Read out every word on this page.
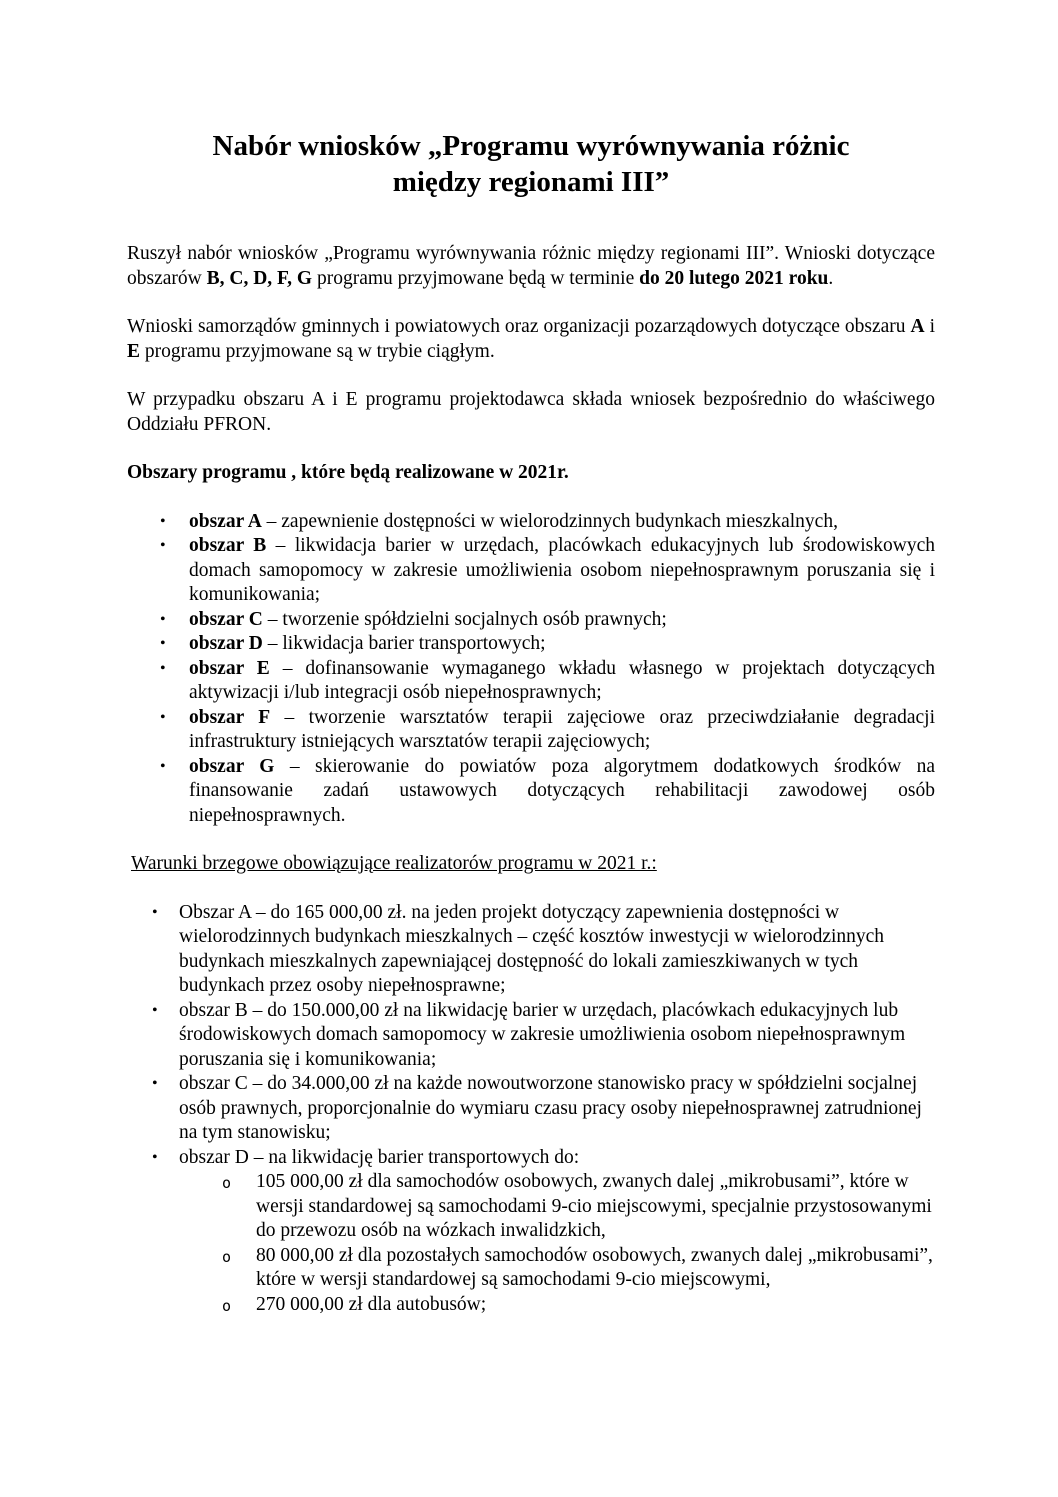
Nabór wniosków „Programu wyrównywania różnic
między regionami III”

Ruszył nabór wniosków „Programu wyrównywania różnic między regionami III”. Wnioski dotyczące obszarów B, C, D, F, G programu przyjmowane będą w terminie do 20 lutego 2021 roku.

Wnioski samorządów gminnych i powiatowych oraz organizacji pozarządowych dotyczące obszaru A i E programu przyjmowane są w trybie ciągłym.

W przypadku obszaru A i E programu projektodawca składa wniosek bezpośrednio do właściwego Oddziału PFRON.

Obszary programu , które będą realizowane w 2021r.
• obszar A – zapewnienie dostępności w wielorodzinnych budynkach mieszkalnych,
• obszar B – likwidacja barier w urzędach, placówkach edukacyjnych lub środowiskowych domach samopomocy w zakresie umożliwienia osobom niepełnosprawnym poruszania się i komunikowania;
• obszar C – tworzenie spółdzielni socjalnych osób prawnych;
• obszar D – likwidacja barier transportowych;
• obszar E – dofinansowanie wymaganego wkładu własnego w projektach dotyczących aktywizacji i/lub integracji osób niepełnosprawnych;
• obszar F – tworzenie warsztatów terapii zajęciowe oraz przeciwdziałanie degradacji infrastruktury istniejących warsztatów terapii zajęciowych;
• obszar G – skierowanie do powiatów poza algorytmem dodatkowych środków na finansowanie zadań ustawowych dotyczących rehabilitacji zawodowej osób niepełnosprawnych.
Warunki brzegowe obowiązujące realizatorów programu w 2021 r.:
• Obszar A – do 165 000,00 zł. na jeden projekt dotyczący zapewnienia dostępności w wielorodzinnych budynkach mieszkalnych – część kosztów inwestycji w wielorodzinnych budynkach mieszkalnych zapewniającej dostępność do lokali zamieszkiwanych w tych budynkach przez osoby niepełnosprawne;
• obszar B – do 150.000,00 zł na likwidację barier w urzędach, placówkach edukacyjnych lub środowiskowych domach samopomocy w zakresie umożliwienia osobom niepełnosprawnym poruszania się i komunikowania;
• obszar C – do 34.000,00 zł na każde nowoutworzone stanowisko pracy w spółdzielni socjalnej osób prawnych, proporcjonalnie do wymiaru czasu pracy osoby niepełnosprawnej zatrudnionej na tym stanowisku;
• obszar D – na likwidację barier transportowych do:
o 105 000,00 zł dla samochodów osobowych, zwanych dalej „mikrobusami”, które w wersji standardowej są samochodami 9-cio miejscowymi, specjalnie przystosowanymi do przewozu osób na wózkach inwalidzkich,
o 80 000,00 zł dla pozostałych samochodów osobowych, zwanych dalej „mikrobusami”, które w wersji standardowej są samochodami 9-cio miejscowymi,
o 270 000,00 zł dla autobusów;
